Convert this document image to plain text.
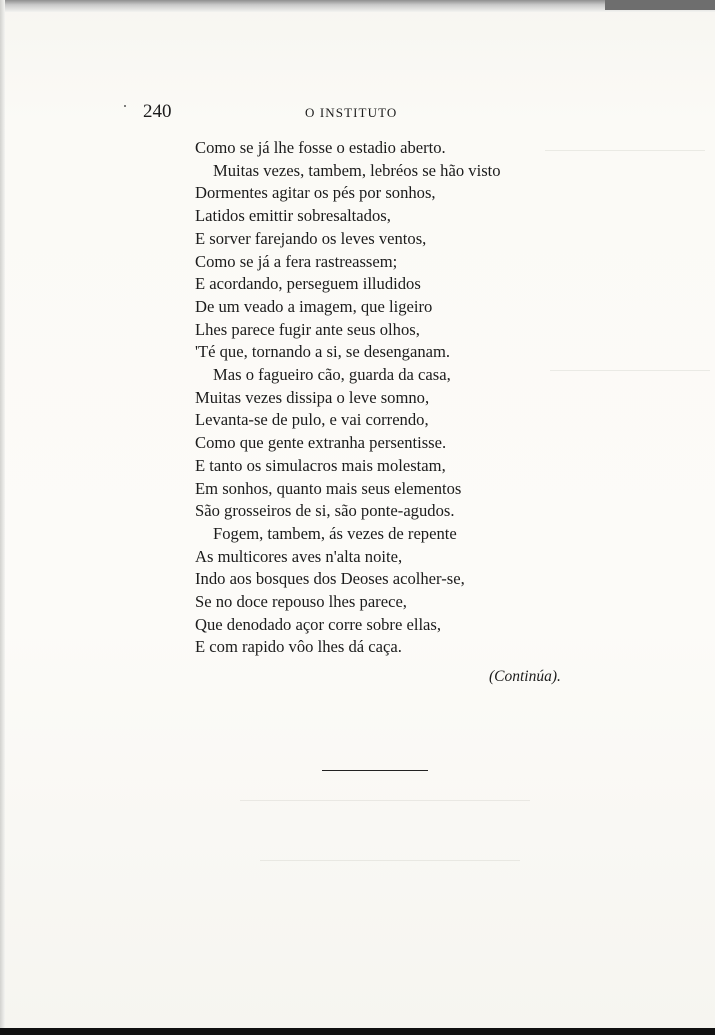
240	O INSTITUTO
Como se já lhe fosse o estadio aberto.
Muitas vezes, tambem, lebréos se hão visto
Dormentes agitar os pés por sonhos,
Latidos emittir sobresaltados,
E sorver farejando os leves ventos,
Como se já a fera rastreassem;
E acordando, perseguem illudidos
De um veado a imagem, que ligeiro
Lhes parece fugir ante seus olhos,
'Té que, tornando a si, se desenganam.
Mas o fagueiro cão, guarda da casa,
Muitas vezes dissipa o leve somno,
Levanta-se de pulo, e vai correndo,
Como que gente extranha persentisse.
E tanto os simulacros mais molestam,
Em sonhos, quanto mais seus elementos
São grosseiros de si, são ponte-agudos.
Fogem, tambem, ás vezes de repente
As multicores aves n'alta noite,
Indo aos bosques dos Deoses acolher-se,
Se no doce repouso lhes parece,
Que denodado açor corre sobre ellas,
E com rapido vôo lhes dá caça.
(Continúa).
